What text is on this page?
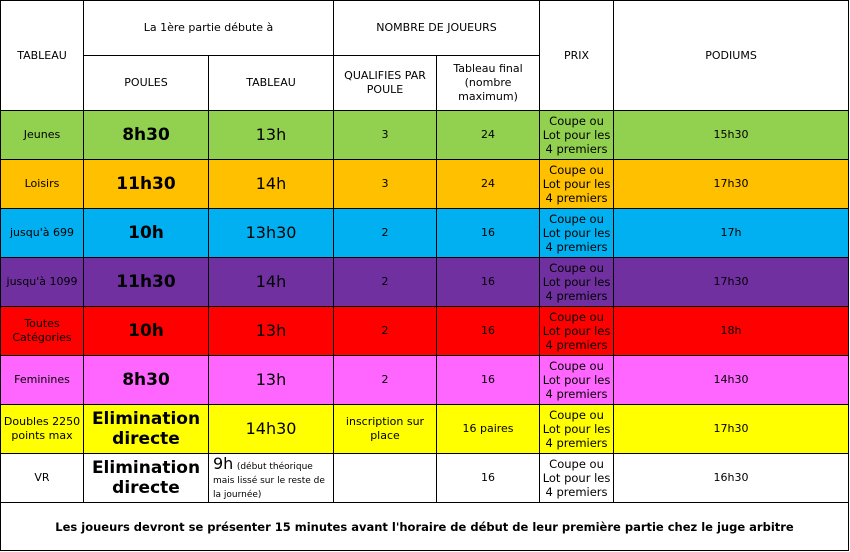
TABLEAU	La 1ère partie débute à		NOMBRE DE JOUEURS		PRIX	PODIUMS
	POULES	TABLEAU	QUALIFIES PAR POULE	Tableau final (nombre maximum)		
Jeunes	8h30	13h	3	24	Coupe ou Lot pour les 4 premiers	15h30
Loisirs	11h30	14h	3	24	Coupe ou Lot pour les 4 premiers	17h30
jusqu'à 699	10h	13h30	2	16	Coupe ou Lot pour les 4 premiers	17h
jusqu'à 1099	11h30	14h	2	16	Coupe ou Lot pour les 4 premiers	17h30
Toutes Catégories	10h	13h	2	16	Coupe ou Lot pour les 4 premiers	18h
Feminines	8h30	13h	2	16	Coupe ou Lot pour les 4 premiers	14h30
Doubles 2250 points max	Elimination directe	14h30	inscription sur place	16 paires	Coupe ou Lot pour les 4 premiers	17h30
VR	Elimination directe	9h (début théorique mais lissé sur le reste de la journée)		16	Coupe ou Lot pour les 4 premiers	16h30
Les joueurs devront se présenter 15 minutes avant l'horaire de début de leur première partie chez le juge arbitre						
